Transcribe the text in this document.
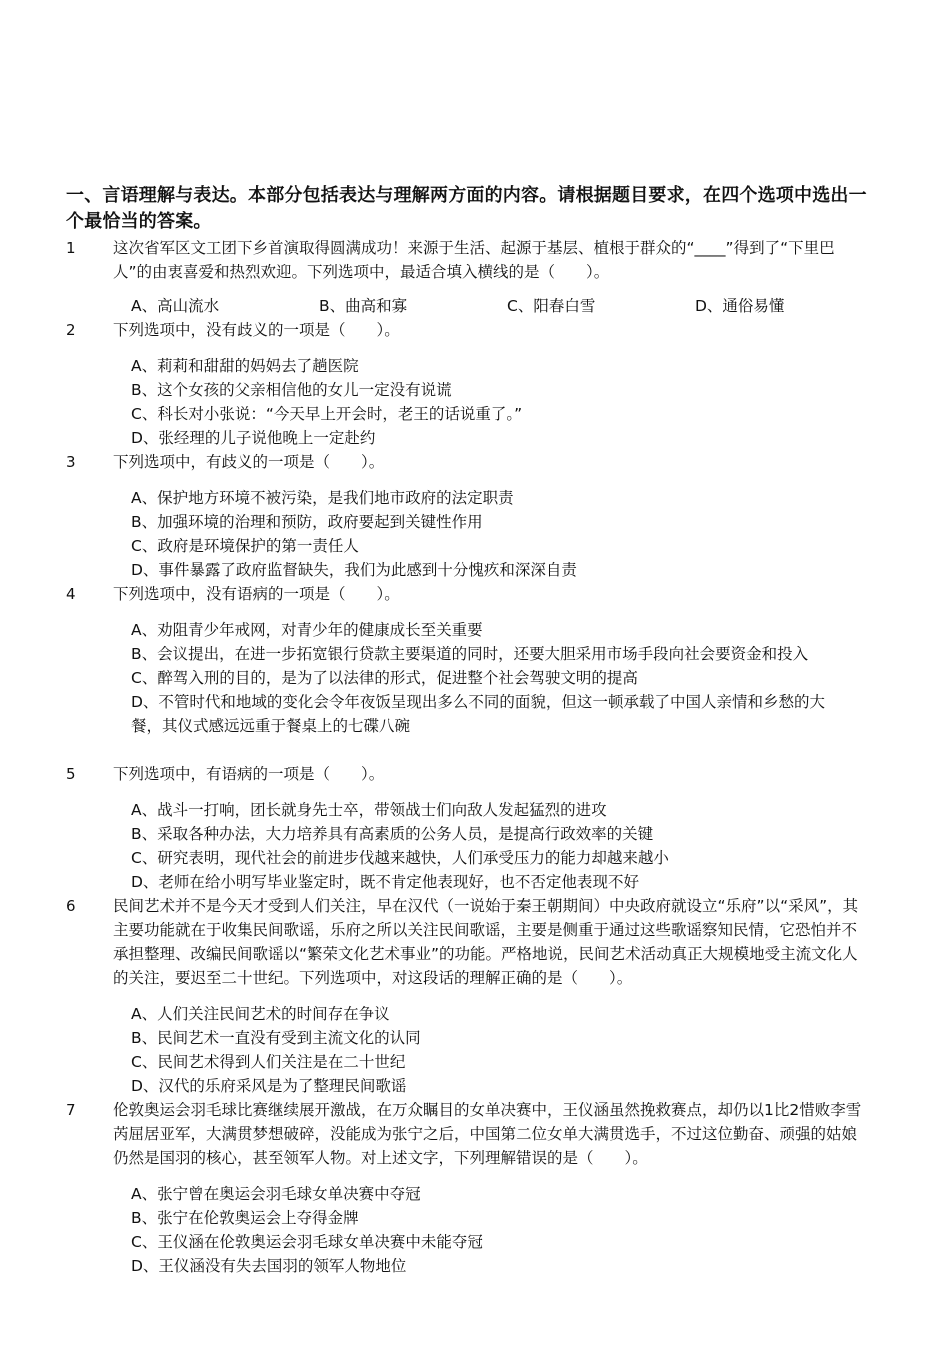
一、言语理解与表达。本部分包括表达与理解两方面的内容。请根据题目要求，在四个选项中选出一个最恰当的答案。
1 这次省军区文工团下乡首演取得圆满成功！来源于生活、起源于基层、植根于群众的“____”得到了“下里巴人”的由衷喜爱和热烈欢迎。下列选项中，最适合填入横线的是（　　）。
A、高山流水	B、曲高和寡	C、阳春白雪	D、通俗易懂
2 下列选项中，没有歧义的一项是（　　）。
A、莉莉和甜甜的妈妈去了趟医院
B、这个女孩的父亲相信他的女儿一定没有说谎
C、科长对小张说：“今天早上开会时，老王的话说重了。”
D、张经理的儿子说他晚上一定赴约
3 下列选项中，有歧义的一项是（　　）。
A、保护地方环境不被污染，是我们地市政府的法定职责
B、加强环境的治理和预防，政府要起到关键性作用
C、政府是环境保护的第一责任人
D、事件暴露了政府监督缺失，我们为此感到十分愧疚和深深自责
4 下列选项中，没有语病的一项是（　　）。
A、劝阻青少年戒网，对青少年的健康成长至关重要
B、会议提出，在进一步拓宽银行贷款主要渠道的同时，还要大胆采用市场手段向社会要资金和投入
C、醉驾入刑的目的，是为了以法律的形式，促进整个社会驾驶文明的提高
D、不管时代和地域的变化会令年夜饭呈现出多么不同的面貌，但这一顿承载了中国人亲情和乡愁的大餐，其仪式感远远重于餐桌上的七碟八碗
5 下列选项中，有语病的一项是（　　）。
A、战斗一打响，团长就身先士卒，带领战士们向敌人发起猛烈的进攻
B、采取各种办法，大力培养具有高素质的公务人员，是提高行政效率的关键
C、研究表明，现代社会的前进步伐越来越快，人们承受压力的能力却越来越小
D、老师在给小明写毕业鉴定时，既不肯定他表现好，也不否定他表现不好
6 民间艺术并不是今天才受到人们关注，早在汉代（一说始于秦王朝期间）中央政府就设立“乐府”以“采风”，其主要功能就在于收集民间歌谣，乐府之所以关注民间歌谣，主要是侧重于通过这些歌谣察知民情，它恐怕并不承担整理、改编民间歌谣以“繁荣文化艺术事业”的功能。严格地说，民间艺术活动真正大规模地受主流文化人的关注，要迟至二十世纪。下列选项中，对这段话的理解正确的是（　　）。
A、人们关注民间艺术的时间存在争议
B、民间艺术一直没有受到主流文化的认同
C、民间艺术得到人们关注是在二十世纪
D、汉代的乐府采风是为了整理民间歌谣
7 伦敦奥运会羽毛球比赛继续展开激战，在万众瞩目的女单决赛中，王仪涵虽然挽救赛点，却仍以1比2惜败李雪芮屈居亚军，大满贯梦想破碎，没能成为张宁之后，中国第二位女单大满贯选手，不过这位勤奋、顽强的姑娘仍然是国羽的核心，甚至领军人物。对上述文字，下列理解错误的是（　　）。
A、张宁曾在奥运会羽毛球女单决赛中夺冠
B、张宁在伦敦奥运会上夺得金牌
C、王仪涵在伦敦奥运会羽毛球女单决赛中未能夺冠
D、王仪涵没有失去国羽的领军人物地位
